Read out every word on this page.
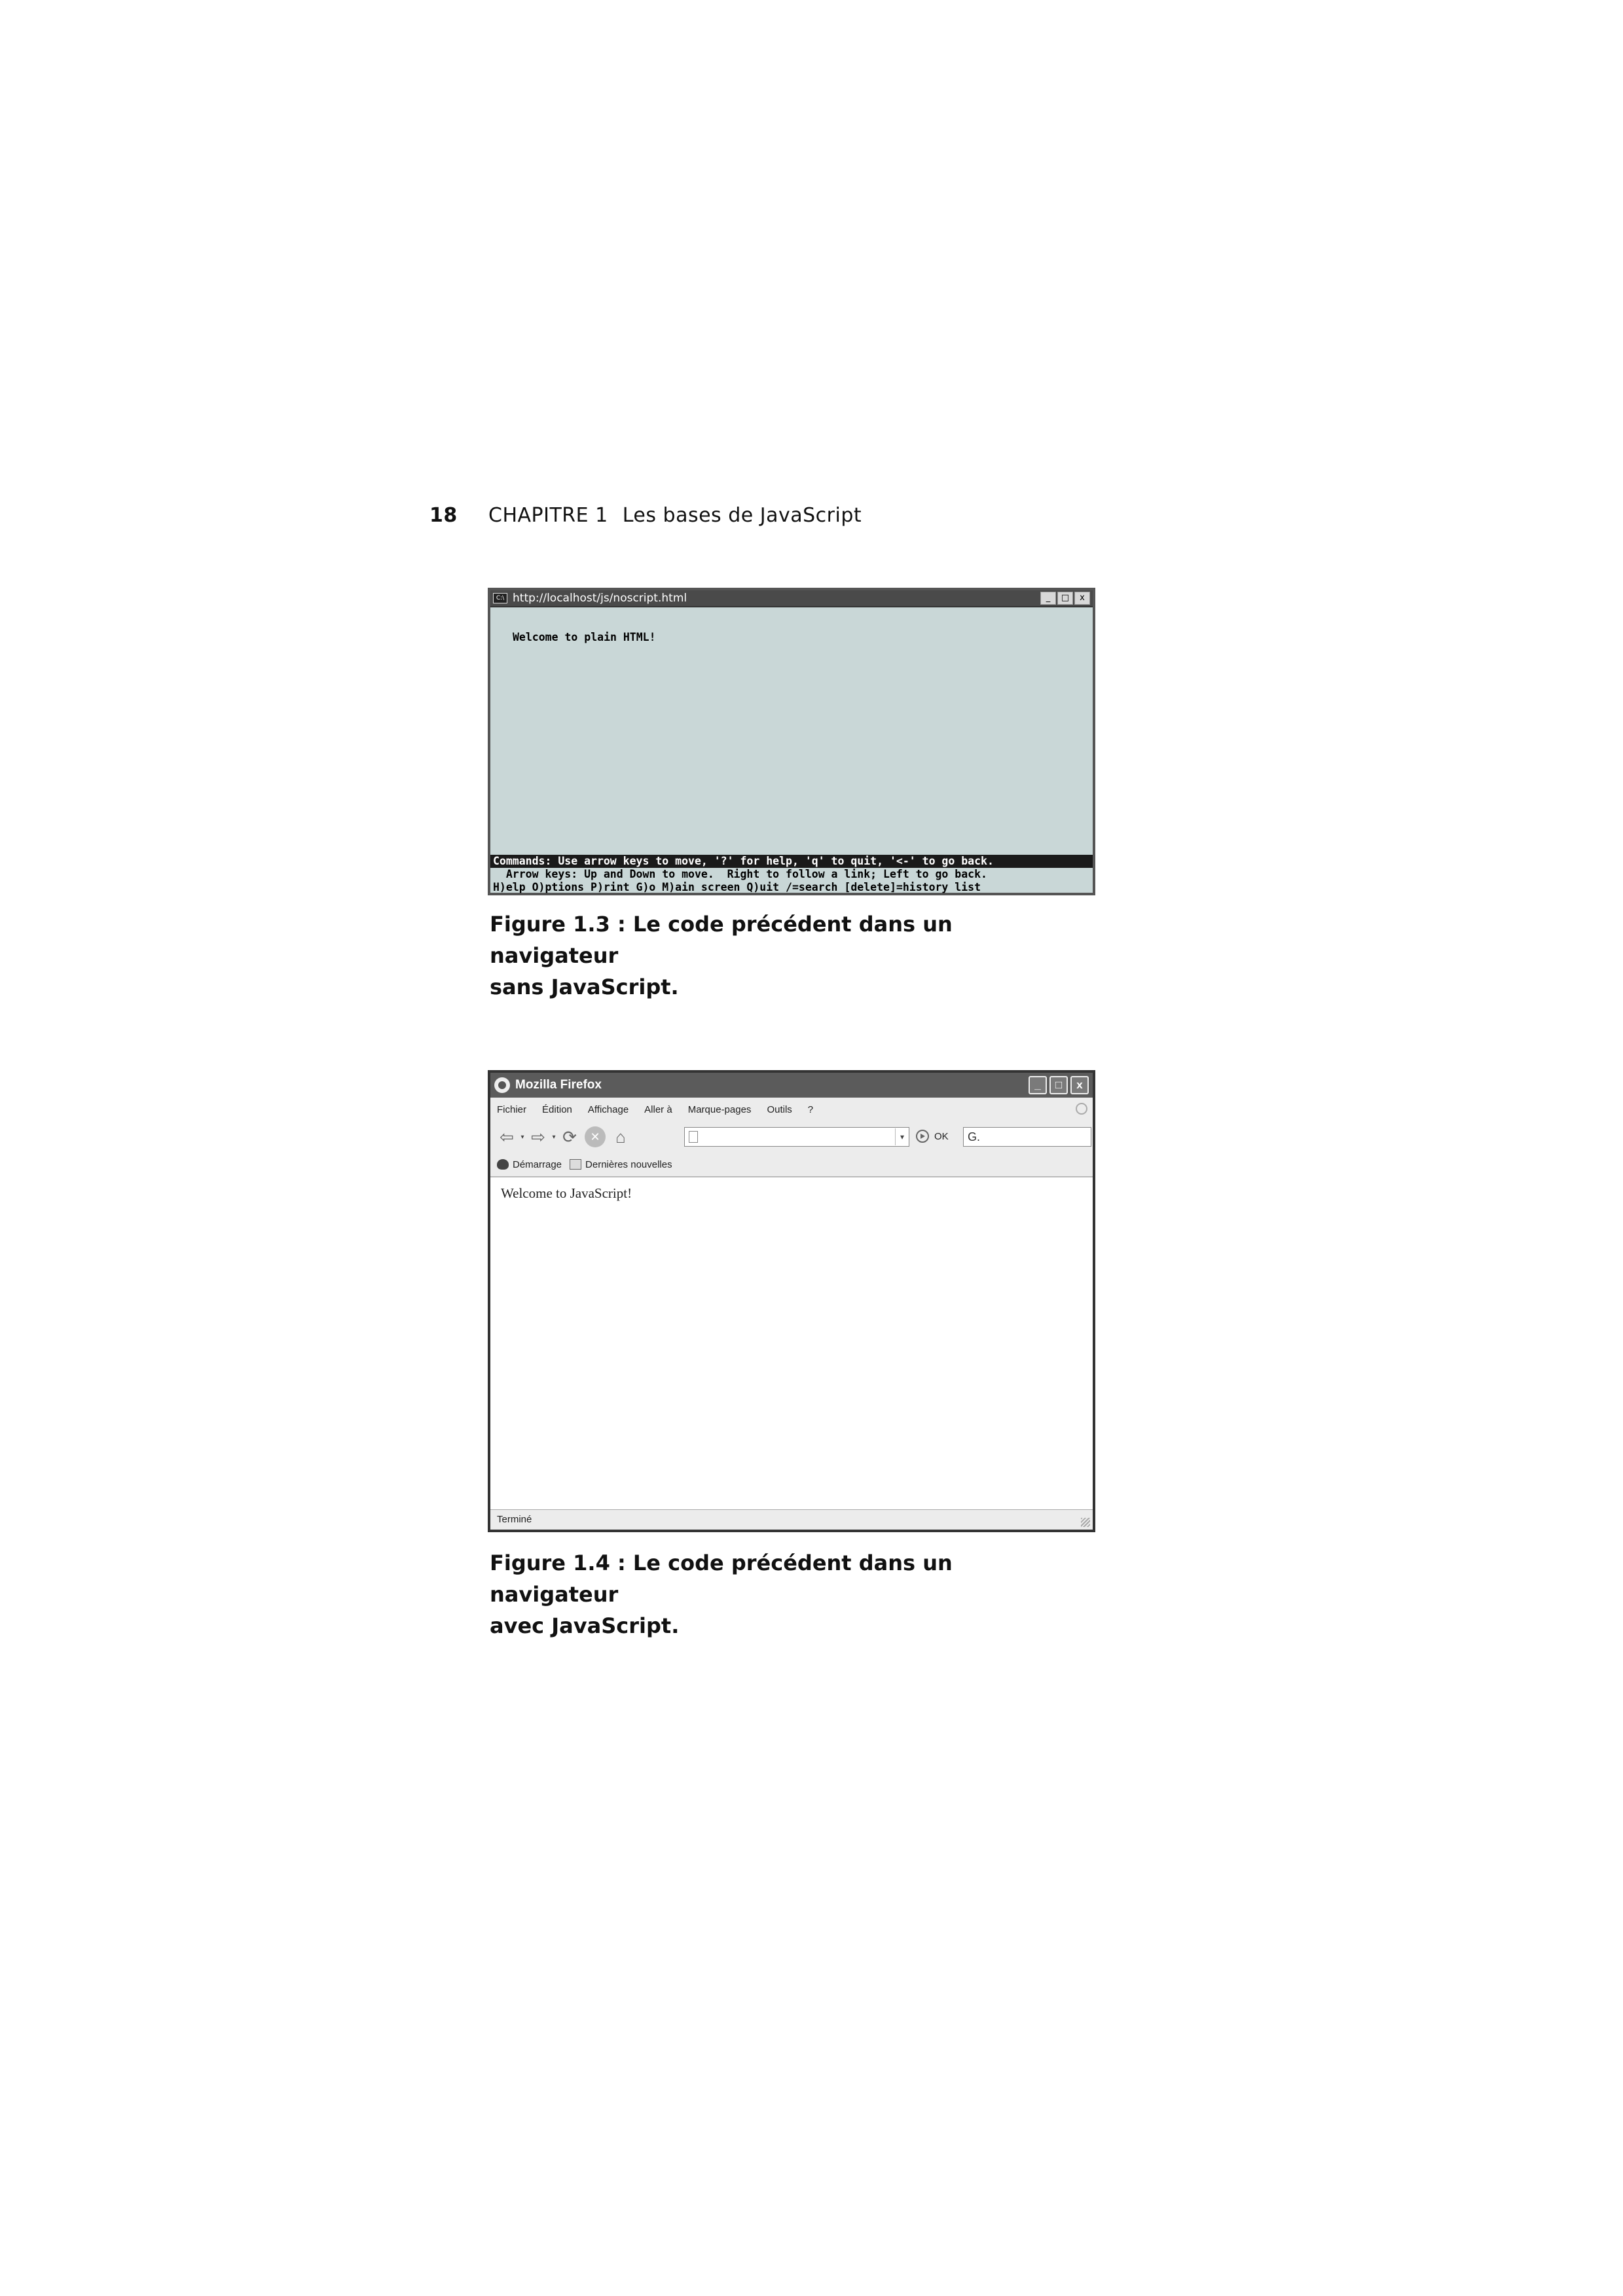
18 CHAPITRE 1 Les bases de JavaScript
C:\ http://localhost/js/noscript.html	_	□	x
Welcome to plain HTML!
Commands: Use arrow keys to move, '?' for help, 'q' to quit, '<-' to go back.
Arrow keys: Up and Down to move.  Right to follow a link; Left to go back.
H)elp O)ptions P)rint G)o M)ain screen Q)uit /=search [delete]=history list
Figure 1.3 : Le code précédent dans un navigateur
sans JavaScript.
Mozilla Firefox	_	□	x
Fichier Édition Affichage Aller à Marque-pages Outils ?
⇦	▾ ⇨	▾ ⟳	✕ ⌂	▾	OK	G.
Démarrage Dernières nouvelles
Welcome to JavaScript!
Terminé
Figure 1.4 : Le code précédent dans un navigateur
avec JavaScript.
